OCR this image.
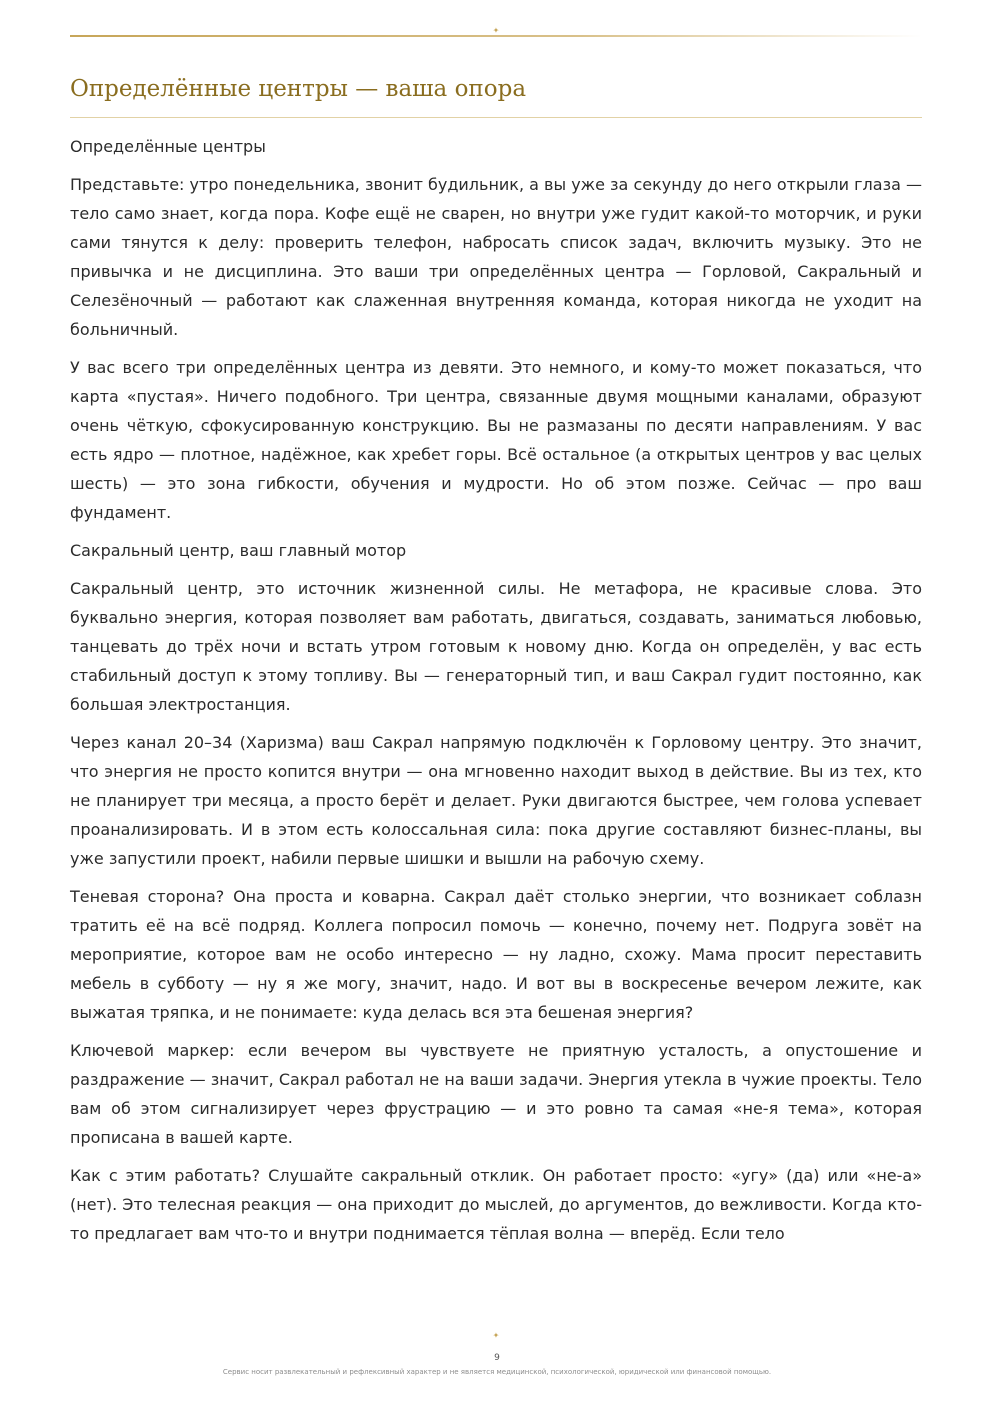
✦
Определённые центры — ваша опора

Определённые центры

Представьте: утро понедельника, звонит будильник, а вы уже за секунду до него открыли глаза — тело само знает, когда пора. Кофе ещё не сварен, но внутри уже гудит какой-то моторчик, и руки сами тянутся к делу: проверить телефон, набросать список задач, включить музыку. Это не привычка и не дисциплина. Это ваши три определённых центра — Горловой, Сакральный и Селезёночный — работают как слаженная внутренняя команда, которая никогда не уходит на больничный.

У вас всего три определённых центра из девяти. Это немного, и кому-то может показаться, что карта «пустая». Ничего подобного. Три центра, связанные двумя мощными каналами, образуют очень чёткую, сфокусированную конструкцию. Вы не размазаны по десяти направлениям. У вас есть ядро — плотное, надёжное, как хребет горы. Всё остальное (а открытых центров у вас целых шесть) — это зона гибкости, обучения и мудрости. Но об этом позже. Сейчас — про ваш фундамент.

Сакральный центр, ваш главный мотор

Сакральный центр, это источник жизненной силы. Не метафора, не красивые слова. Это буквально энергия, которая позволяет вам работать, двигаться, создавать, заниматься любовью, танцевать до трёх ночи и встать утром готовым к новому дню. Когда он определён, у вас есть стабильный доступ к этому топливу. Вы — генераторный тип, и ваш Сакрал гудит постоянно, как большая электростанция.

Через канал 20–34 (Харизма) ваш Сакрал напрямую подключён к Горловому центру. Это значит, что энергия не просто копится внутри — она мгновенно находит выход в действие. Вы из тех, кто не планирует три месяца, а просто берёт и делает. Руки двигаются быстрее, чем голова успевает проанализировать. И в этом есть колоссальная сила: пока другие составляют бизнес-планы, вы уже запустили проект, набили первые шишки и вышли на рабочую схему.

Теневая сторона? Она проста и коварна. Сакрал даёт столько энергии, что возникает соблазн тратить её на всё подряд. Коллега попросил помочь — конечно, почему нет. Подруга зовёт на мероприятие, которое вам не особо интересно — ну ладно, схожу. Мама просит переставить мебель в субботу — ну я же могу, значит, надо. И вот вы в воскресенье вечером лежите, как выжатая тряпка, и не понимаете: куда делась вся эта бешеная энергия?

Ключевой маркер: если вечером вы чувствуете не приятную усталость, а опустошение и раздражение — значит, Сакрал работал не на ваши задачи. Энергия утекла в чужие проекты. Тело вам об этом сигнализирует через фрустрацию — и это ровно та самая «не-я тема», которая прописана в вашей карте.

Как с этим работать? Слушайте сакральный отклик. Он работает просто: «угу» (да) или «не-а» (нет). Это телесная реакция — она приходит до мыслей, до аргументов, до вежливости. Когда кто-то предлагает вам что-то и внутри поднимается тёплая волна — вперёд. Если тело

✦
9
Сервис носит развлекательный и рефлексивный характер и не является медицинской, психологической, юридической или финансовой помощью.
